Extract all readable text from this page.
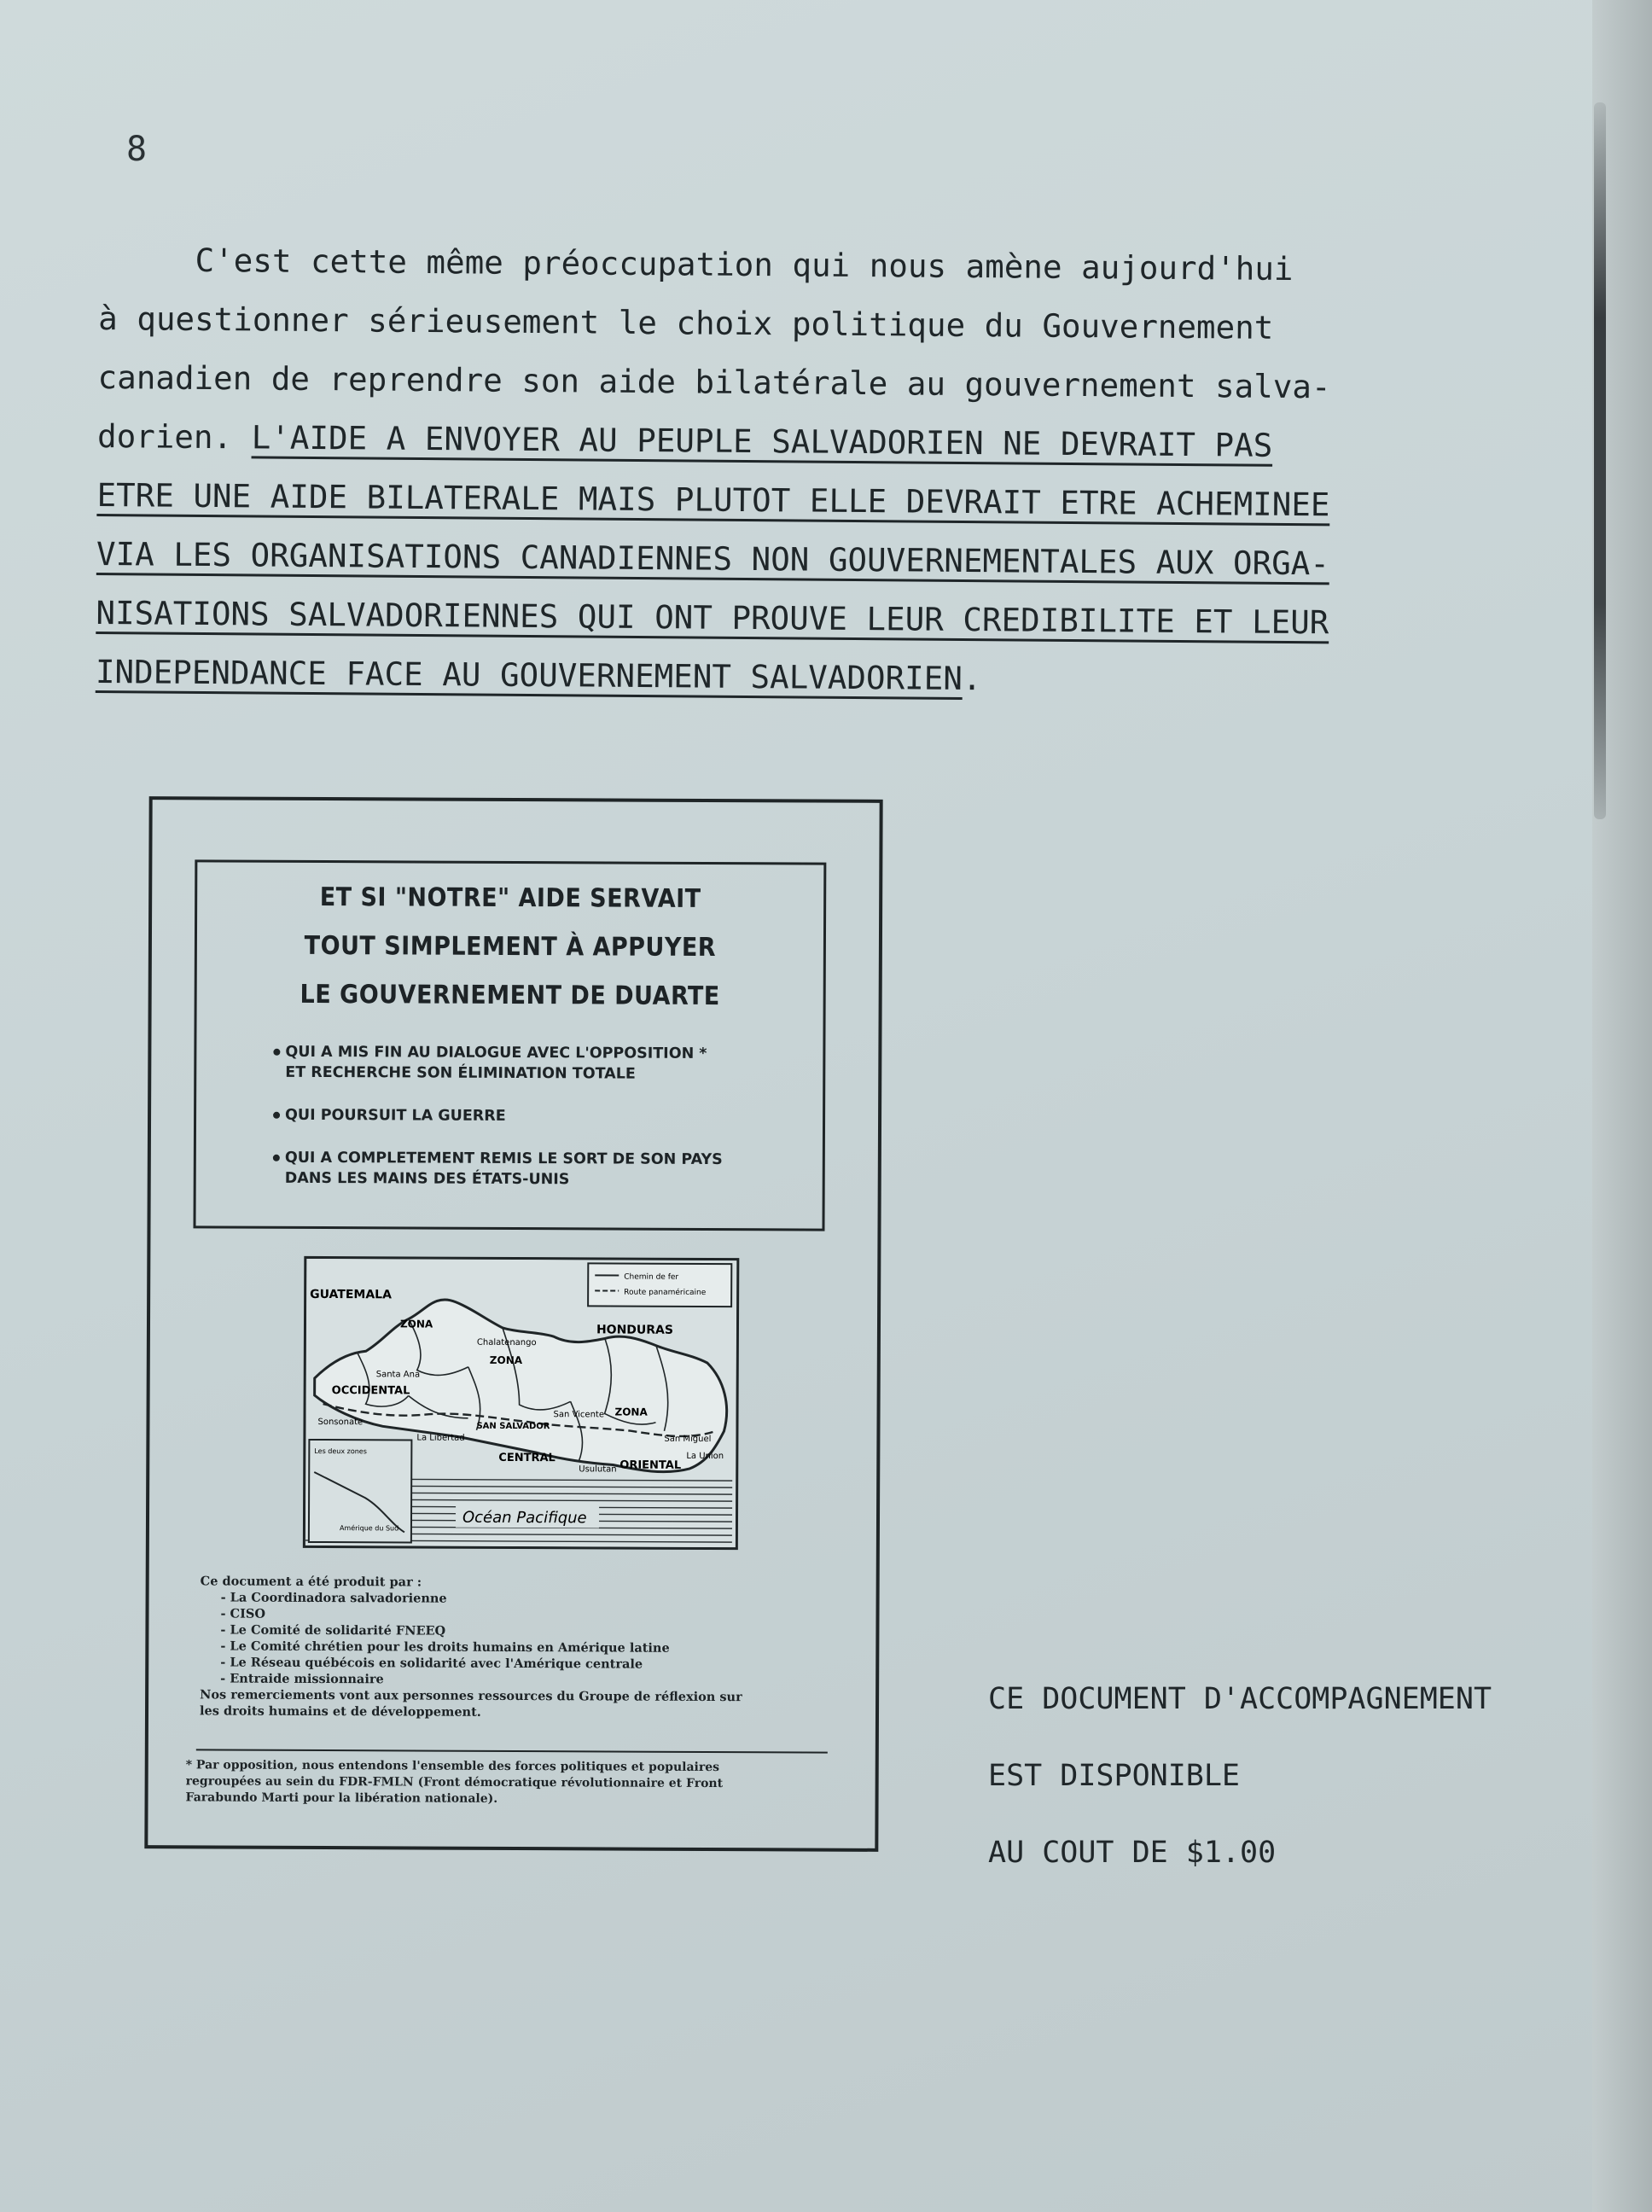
8
C'est cette même préoccupation qui nous amène aujourd'hui
à questionner sérieusement le choix politique du Gouvernement
canadien de reprendre son aide bilatérale au gouvernement salva-
dorien. L'AIDE A ENVOYER AU PEUPLE SALVADORIEN NE DEVRAIT PAS
ETRE UNE AIDE BILATERALE MAIS PLUTOT ELLE DEVRAIT ETRE ACHEMINEE
VIA LES ORGANISATIONS CANADIENNES NON GOUVERNEMENTALES AUX ORGA-
NISATIONS SALVADORIENNES QUI ONT PROUVE LEUR CREDIBILITE ET LEUR
INDEPENDANCE FACE AU GOUVERNEMENT SALVADORIEN.
ET SI "NOTRE" AIDE SERVAIT
TOUT SIMPLEMENT À APPUYER
LE GOUVERNEMENT DE DUARTE
QUI A MIS FIN AU DIALOGUE AVEC L'OPPOSITION *
ET RECHERCHE SON ÉLIMINATION TOTALE
QUI POURSUIT LA GUERRE
QUI A COMPLETEMENT REMIS LE SORT DE SON PAYS
DANS LES MAINS DES ÉTATS-UNIS
Chemin de fer
Route panaméricaine
GUATEMALA
HONDURAS
ZONA
ZONA
ZONA
OCCIDENTAL
CENTRAL
ORIENTAL
SAN SALVADOR
Chalatenango
Santa Ana
Sonsonate
San Miguel
Usulutan
La Union
San Vicente
La Libertad
Les deux zones
Amérique du Sud
Océan Pacifique
Ce document a été produit par :
- La Coordinadora salvadorienne
- CISO
- Le Comité de solidarité FNEEQ
- Le Comité chrétien pour les droits humains en Amérique latine
- Le Réseau québécois en solidarité avec l'Amérique centrale
- Entraide missionnaire
Nos remerciements vont aux personnes ressources du Groupe de réflexion sur
les droits humains et de développement.
* Par opposition, nous entendons l'ensemble des forces politiques et populaires
regroupées au sein du FDR-FMLN (Front démocratique révolutionnaire et Front
Farabundo Marti pour la libération nationale).
CE DOCUMENT D'ACCOMPAGNEMENT
EST DISPONIBLE
AU COUT DE $1.00
